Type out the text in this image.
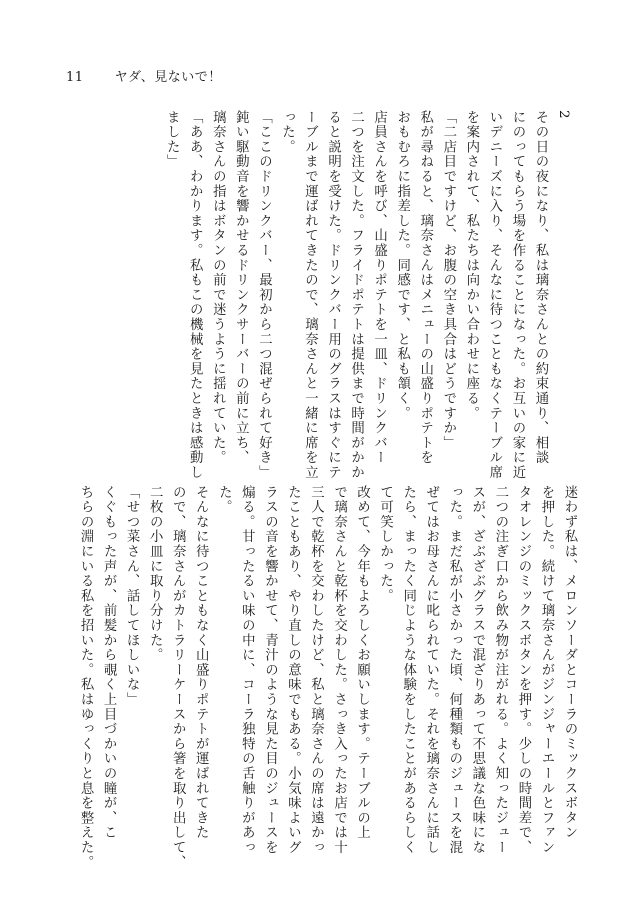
11 ヤダ、見ないで！

2

その日の夜になり、私は璃奈さんとの約束通り、相談

にのってもらう場を作ることになった。お互いの家に近

いデニーズに入り、そんなに待つこともなくテーブル席

を案内されて、私たちは向かい合わせに座る。

「二店目ですけど、お腹の空き具合はどうですか」

私が尋ねると、璃奈さんはメニューの山盛りポテトを

おもむろに指差した。同感です、と私も頷く。

店員さんを呼び、山盛りポテトを一皿、ドリンクバー

二つを注文した。フライドポテトは提供まで時間がかか

ると説明を受けた。ドリンクバー用のグラスはすぐにテ

ーブルまで運ばれてきたので、璃奈さんと一緒に席を立

った。

「ここのドリンクバー、最初から二つ混ぜられて好き」

鈍い駆動音を響かせるドリンクサーバーの前に立ち、

璃奈さんの指はボタンの前で迷うように揺れていた。

「ああ、わかります。私もこの機械を見たときは感動し

ました」

迷わず私は、メロンソーダとコーラのミックスボタン

を押した。続けて璃奈さんがジンジャーエールとファン

タオレンジのミックスボタンを押す。少しの時間差で、

二つの注ぎ口から飲み物が注がれる。よく知ったジュー

スが、ざぶざぶグラスで混ざりあって不思議な色味にな

った。まだ私が小さかった頃、何種類ものジュースを混

ぜてはお母さんに叱られていた。それを璃奈さんに話し

たら、まったく同じような体験をしたことがあるらしく

て可笑しかった。

改めて、今年もよろしくお願いします。テーブルの上

で璃奈さんと乾杯を交わした。さっき入ったお店では十

三人で乾杯を交わしたけど、私と璃奈さんの席は遠かっ

たこともあり、やり直しの意味でもある。小気味よいグ

ラスの音を響かせて、青汁のような見た目のジュースを

煽る。甘ったるい味の中に、コーラ独特の舌触りがあっ

た。

そんなに待つこともなく山盛りポテトが運ばれてきた

ので、璃奈さんがカトラリーケースから箸を取り出して、

二枚の小皿に取り分けた。

「せつ菜さん、話してほしいな」

くぐもった声が、前髪から覗く上目づかいの瞳が、こ

ちらの淵にいる私を招いた。私はゆっくりと息を整えた。
